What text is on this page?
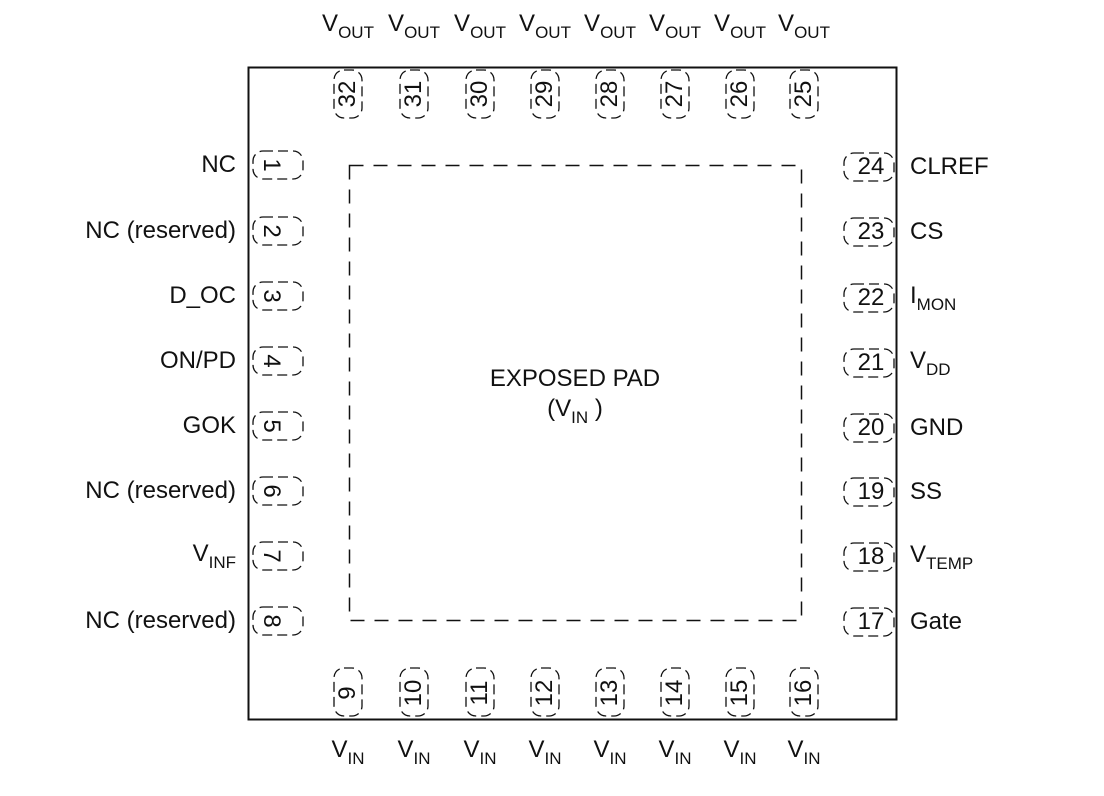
EXPOSED PAD
($V_{IN}$ )
NC
NC (reserved)
D_OC
ON/PD
GOK
NC (reserved)
$V_{INF}$
NC (reserved)	Gate
$V_{TEMP}$
SS
GND
$V_{DD}$
$I_{MON}$
CS
CLREF
$V_{IN}$	$V_{IN}$	$V_{IN}$	$V_{IN}$	$V_{IN}$	$V_{IN}$	$V_{IN}$	$V_{IN}$
$V_{OUT}$
$V_{OUT}$
$V_{OUT}$
$V_{OUT}$
$V_{OUT}$
$V_{OUT}$
$V_{OUT}$
$V_{OUT}$
1
2
3
4
5
6
7
8	17
18
19
20
21
22
23
24
9 10 11 12 13 14 15 16
25
26
27
28
29
30
31
32
